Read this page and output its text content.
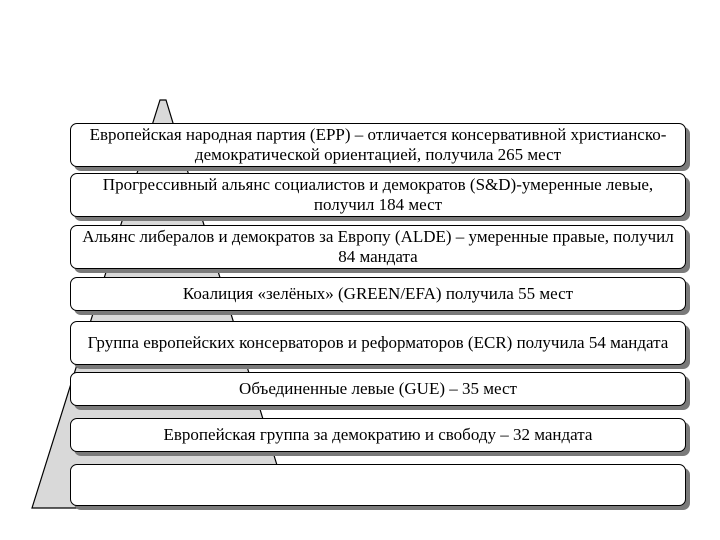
Европейская народная партия (EPP) – отличается консервативной христианско-демократической ориентацией, получила 265 мест
Прогрессивный альянс социалистов и демократов (S&D)-умеренные левые, получил 184 мест
Альянс либералов и демократов за Европу (ALDE) – умеренные правые, получил 84 мандата
Коалиция «зелёных» (GREEN/EFA) получила 55 мест
Группа европейских консерваторов и реформаторов (ECR) получила 54 мандата
Объединенные левые (GUE) – 35 мест
Европейская группа за демократию и свободу – 32 мандата
